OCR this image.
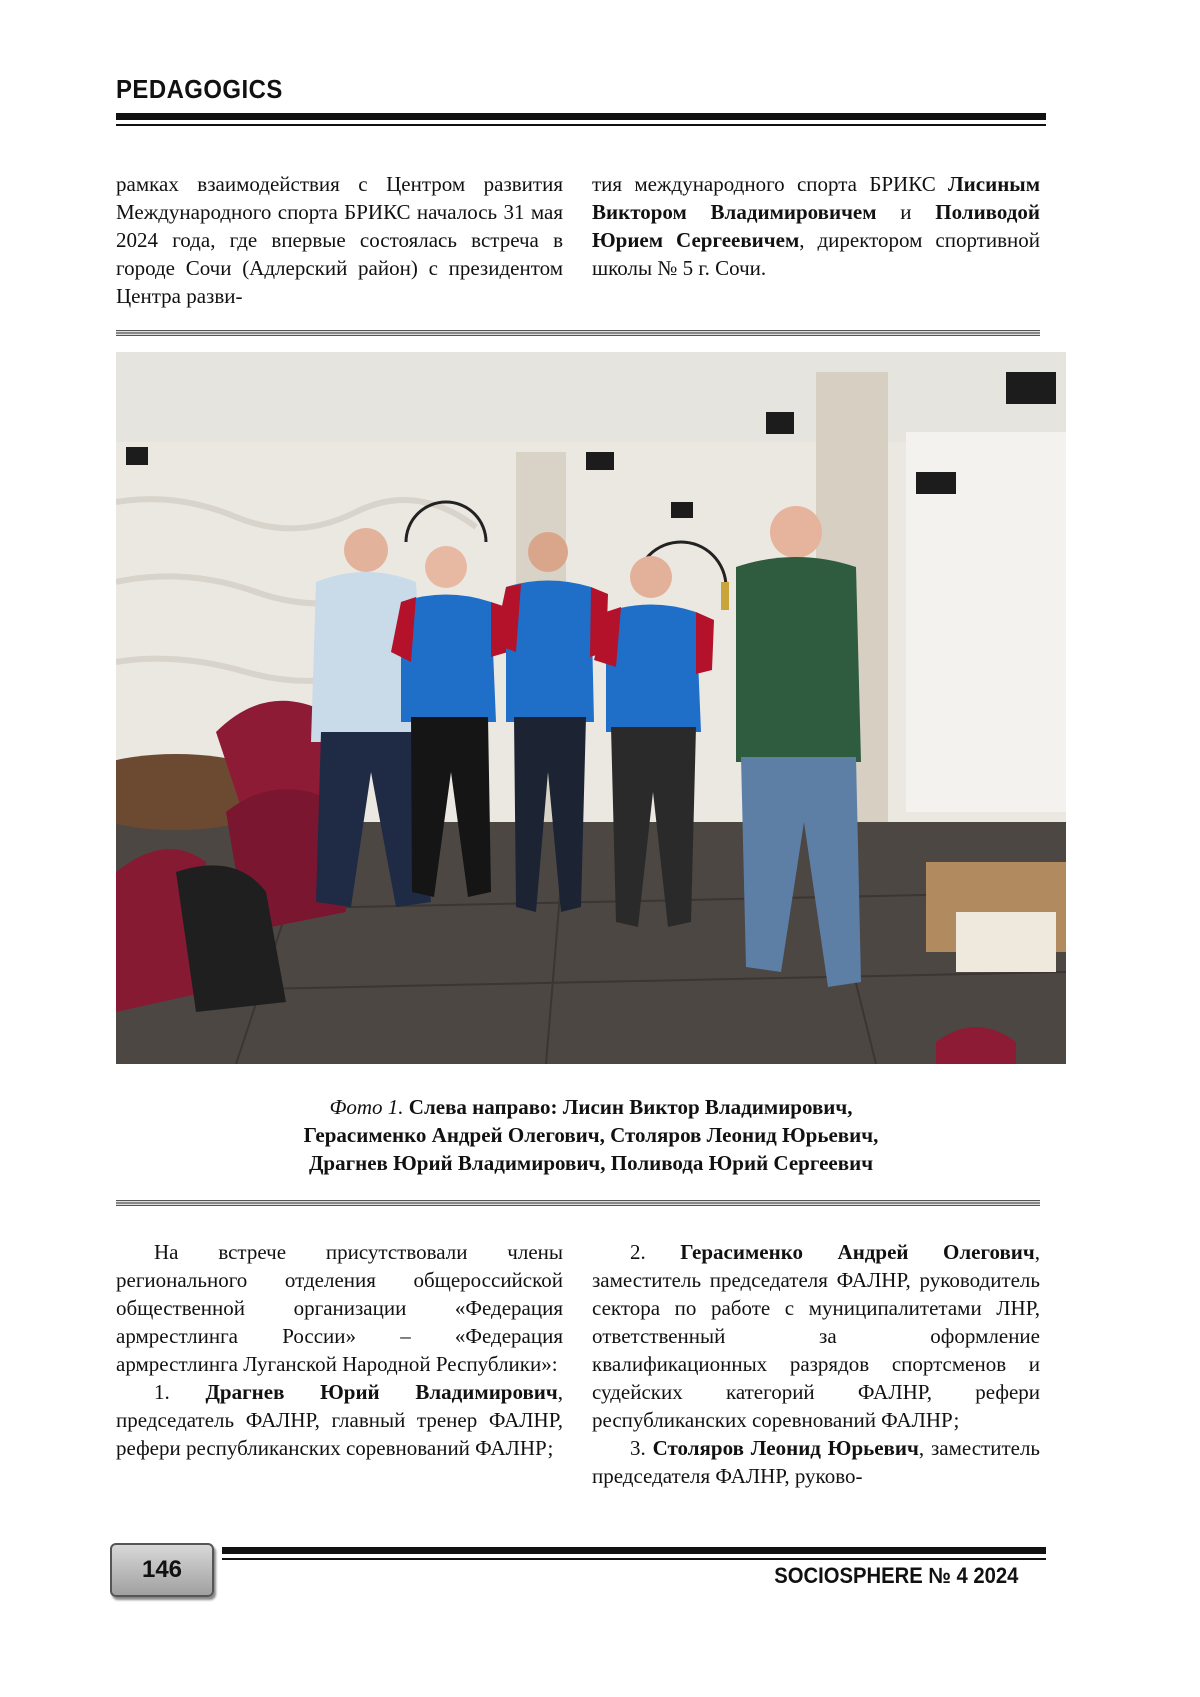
PEDAGOGICS

рамках взаимодействия с Центром развития Международного спорта БРИКС началось 31 мая 2024 года, где впервые состоялась встреча в городе Сочи (Адлерский район) с президентом Центра разви-

тия международного спорта БРИКС Лисиным Виктором Владимировичем и Поливодой Юрием Сергеевичем, директором спортивной школы № 5 г. Сочи.

Фото 1. Слева направо: Лисин Виктор Владимирович,
Герасименко Андрей Олегович, Столяров Леонид Юрьевич,
Драгнев Юрий Владимирович, Поливода Юрий Сергеевич

На встрече присутствовали члены регионального отделения общероссийской общественной организации «Федерация армрестлинга России» – «Федерация армрестлинга Луганской Народной Республики»:

1. Драгнев Юрий Владимирович, председатель ФАЛНР, главный тренер ФАЛНР, рефери республиканских соревнований ФАЛНР;

2. Герасименко Андрей Олегович, заместитель председателя ФАЛНР, руководитель сектора по работе с муниципалитетами ЛНР, ответственный за оформление квалификационных разрядов спортсменов и судейских категорий ФАЛНР, рефери республиканских соревнований ФАЛНР;

3. Столяров Леонид Юрьевич, заместитель председателя ФАЛНР, руково-

146	SOCIOSPHERE № 4 2024
